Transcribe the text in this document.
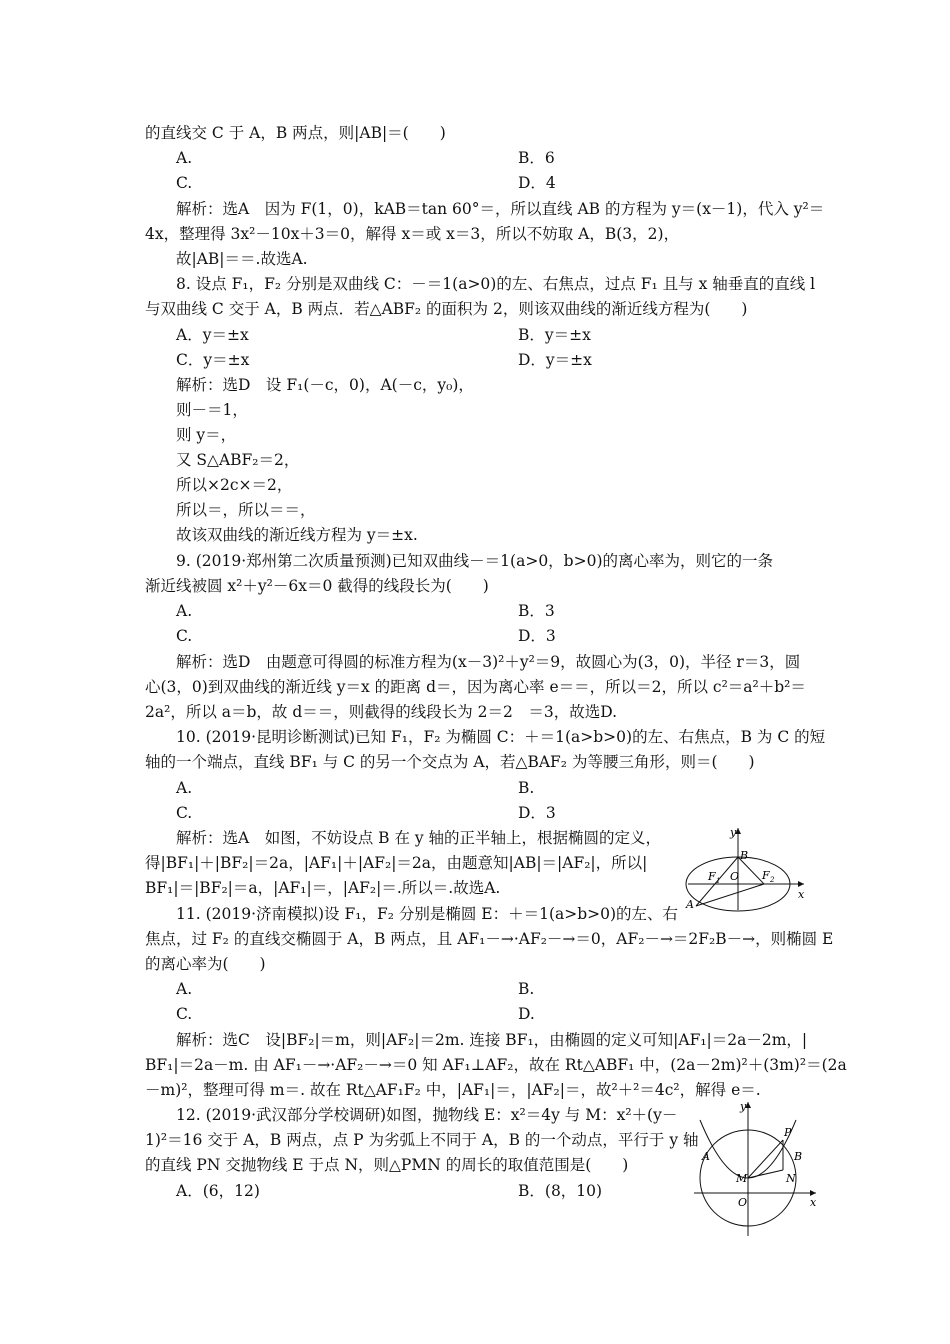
的直线交 C 于 A，B 两点，则|AB|＝(　　)
A.	B．6
C.	D．4
解析：选A　因为 F(1，0)，kAB＝tan 60°＝，所以直线 AB 的方程为 y＝(x－1)，代入 y²＝
4x，整理得 3x²－10x＋3＝0，解得 x＝或 x＝3，所以不妨取 A，B(3，2)，
故|AB|＝＝.故选A.
8. 设点 F₁，F₂ 分别是双曲线 C：－＝1(a>0)的左、右焦点，过点 F₁ 且与 x 轴垂直的直线 l
与双曲线 C 交于 A，B 两点．若△ABF₂ 的面积为 2，则该双曲线的渐近线方程为(　　)
A．y＝±x	B．y＝±x
C．y＝±x	D．y＝±x
解析：选D　设 F₁(－c，0)，A(－c，y₀)，
则－＝1，
则 y＝，
又 S△ABF₂＝2，
所以×2c×＝2，
所以＝，所以＝＝，
故该双曲线的渐近线方程为 y＝±x.
9. (2019·郑州第二次质量预测)已知双曲线－＝1(a>0，b>0)的离心率为，则它的一条
渐近线被圆 x²＋y²－6x＝0 截得的线段长为(　　)
A.	B．3
C.	D．3
解析：选D　由题意可得圆的标准方程为(x－3)²＋y²＝9，故圆心为(3，0)，半径 r＝3，圆
心(3，0)到双曲线的渐近线 y＝x 的距离 d＝，因为离心率 e＝＝，所以＝2，所以 c²＝a²＋b²＝
2a²，所以 a＝b，故 d＝＝，则截得的线段长为 2＝2　＝3，故选D.
10. (2019·昆明诊断测试)已知 F₁，F₂ 为椭圆 C：＋＝1(a>b>0)的左、右焦点，B 为 C 的短
轴的一个端点，直线 BF₁ 与 C 的另一个交点为 A，若△BAF₂ 为等腰三角形，则＝(　　)
A.	B.
C.	D．3
解析：选A　如图，不妨设点 B 在 y 轴的正半轴上，根据椭圆的定义，
得|BF₁|＋|BF₂|＝2a，|AF₁|＋|AF₂|＝2a，由题意知|AB|＝|AF₂|，所以|
BF₁|＝|BF₂|＝a，|AF₁|＝，|AF₂|＝.所以＝.故选A.
y
x
B
F 1 O F 2
A
11. (2019·济南模拟)设 F₁，F₂ 分别是椭圆 E：＋＝1(a>b>0)的左、右
焦点，过 F₂ 的直线交椭圆于 A，B 两点，且 AF₁－→·AF₂－→＝0，AF₂－→＝2F₂B－→，则椭圆 E
的离心率为(　　)
A.	B.
C.	D.
解析：选C　设|BF₂|＝m，则|AF₂|＝2m. 连接 BF₁，由椭圆的定义可知|AF₁|＝2a－2m，|
BF₁|＝2a－m. 由 AF₁－→·AF₂－→＝0 知 AF₁⊥AF₂，故在 Rt△ABF₁ 中，(2a－2m)²＋(3m)²＝(2a
－m)²，整理可得 m＝. 故在 Rt△AF₁F₂ 中，|AF₁|＝，|AF₂|＝，故²＋²＝4c²，解得 e＝.
12. (2019·武汉部分学校调研)如图，抛物线 E：x²＝4y 与 M：x²＋(y－
1)²＝16 交于 A，B 两点，点 P 为劣弧上不同于 A，B 的一个动点，平行于 y 轴
的直线 PN 交抛物线 E 于点 N，则△PMN 的周长的取值范围是(　　)
A．(6，12)	B．(8，10)
y
x
P
A	B
M	N
O
